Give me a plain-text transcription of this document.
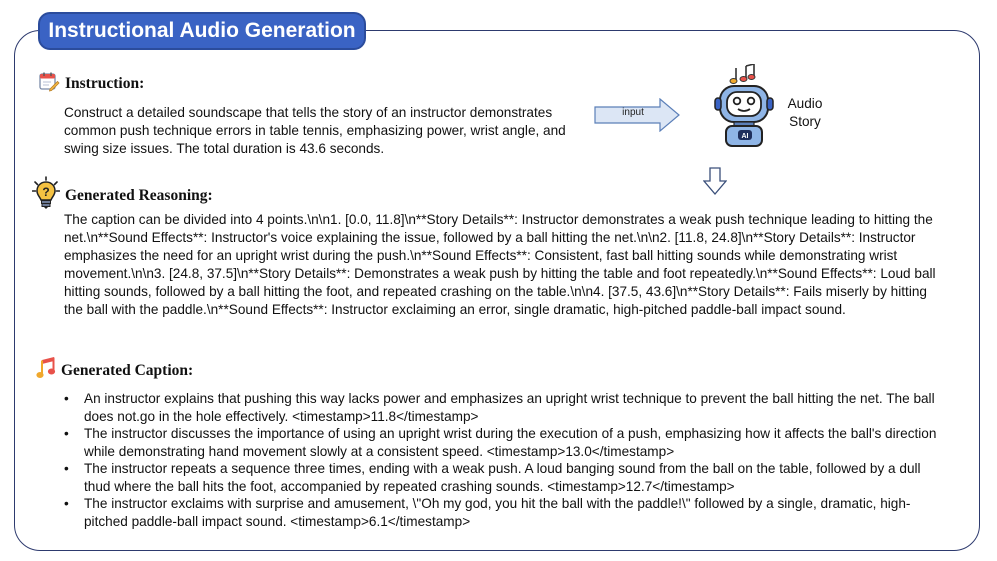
Instructional Audio Generation
Instruction:

Construct a detailed soundscape that tells the story of an instructor demonstrates common push technique errors in table tennis, emphasizing power, wrist angle, and swing size issues. The total duration is 43.6 seconds.

input
AI
Audio
Story
? Generated Reasoning:

The caption can be divided into 4 points.\n\n1. [0.0, 11.8]\n**Story Details**: Instructor demonstrates a weak push technique leading to hitting the net.\n**Sound Effects**: Instructor's voice explaining the issue, followed by a ball hitting the net.\n\n2. [11.8, 24.8]\n**Story Details**: Instructor emphasizes the need for an upright wrist during the push.\n**Sound Effects**: Consistent, fast ball hitting sounds while demonstrating wrist movement.\n\n3. [24.8, 37.5]\n**Story Details**: Demonstrates a weak push by hitting the table and foot repeatedly.\n**Sound Effects**: Loud ball hitting sounds, followed by a ball hitting the foot, and repeated crashing on the table.\n\n4. [37.5, 43.6]\n**Story Details**: Fails miserly by hitting the ball with the paddle.\n**Sound Effects**: Instructor exclaiming an error, single dramatic, high-pitched paddle-ball impact sound.

Generated Caption:
• An instructor explains that pushing this way lacks power and emphasizes an upright wrist technique to prevent the ball hitting the net. The ball does not.go in the hole effectively. <timestamp>11.8</timestamp>
• The instructor discusses the importance of using an upright wrist during the execution of a push, emphasizing how it affects the ball's direction while demonstrating hand movement slowly at a consistent speed. <timestamp>13.0</timestamp>
• The instructor repeats a sequence three times, ending with a weak push. A loud banging sound from the ball on the table, followed by a dull thud where the ball hits the foot, accompanied by repeated crashing sounds. <timestamp>12.7</timestamp>
• The instructor exclaims with surprise and amusement, \"Oh my god, you hit the ball with the paddle!\" followed by a single, dramatic, high-pitched paddle-ball impact sound. <timestamp>6.1</timestamp>
